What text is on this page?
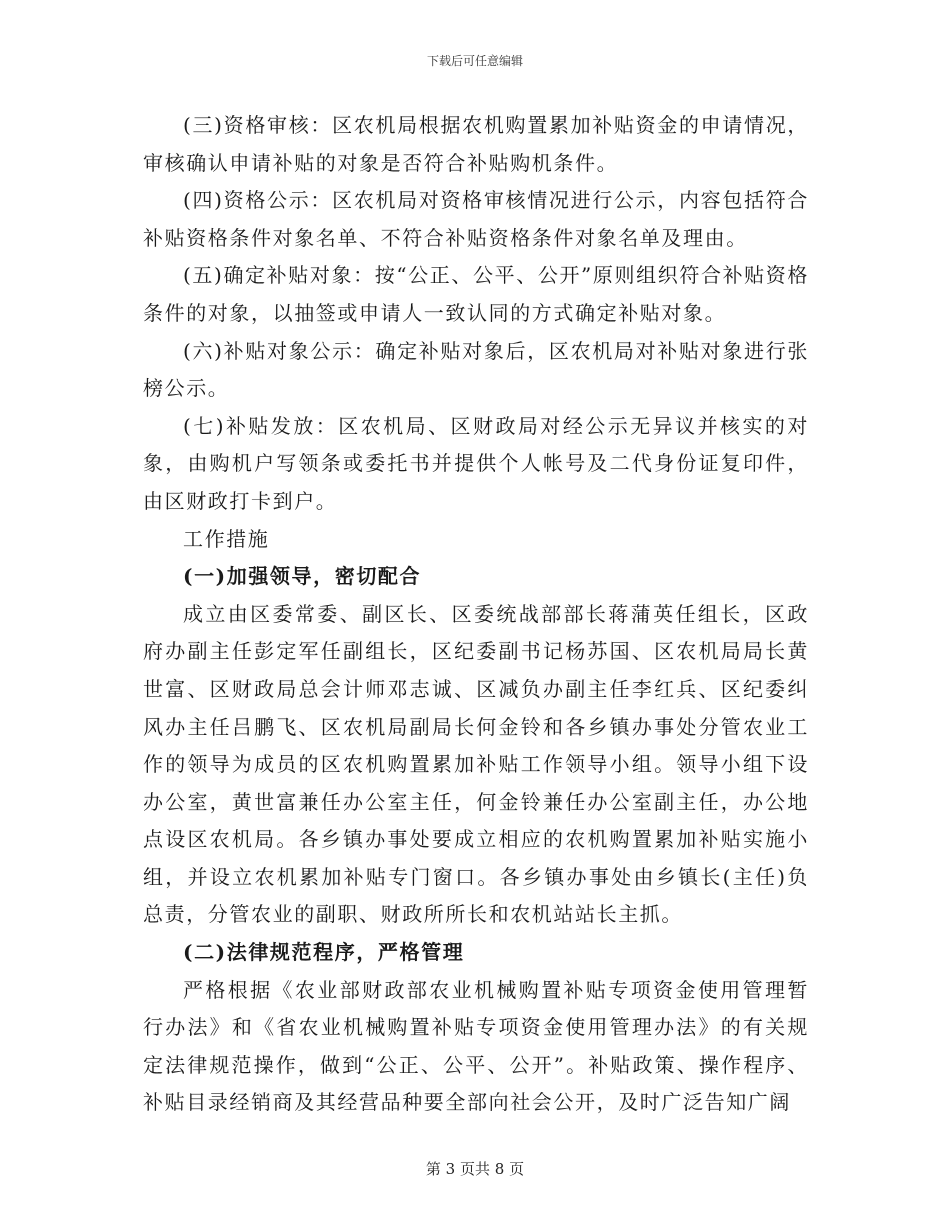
下载后可任意编辑

(三)资格审核：区农机局根据农机购置累加补贴资金的申请情况，审核确认申请补贴的对象是否符合补贴购机条件。

(四)资格公示：区农机局对资格审核情况进行公示，内容包括符合补贴资格条件对象名单、不符合补贴资格条件对象名单及理由。

(五)确定补贴对象：按“公正、公平、公开”原则组织符合补贴资格条件的对象，以抽签或申请人一致认同的方式确定补贴对象。

(六)补贴对象公示：确定补贴对象后，区农机局对补贴对象进行张榜公示。

(七)补贴发放：区农机局、区财政局对经公示无异议并核实的对象，由购机户写领条或委托书并提供个人帐号及二代身份证复印件，由区财政打卡到户。

工作措施

(一)加强领导，密切配合

成立由区委常委、副区长、区委统战部部长蒋蒲英任组长，区政府办副主任彭定军任副组长，区纪委副书记杨苏国、区农机局局长黄世富、区财政局总会计师邓志诚、区减负办副主任李红兵、区纪委纠风办主任吕鹏飞、区农机局副局长何金铃和各乡镇办事处分管农业工作的领导为成员的区农机购置累加补贴工作领导小组。领导小组下设办公室，黄世富兼任办公室主任，何金铃兼任办公室副主任，办公地点设区农机局。各乡镇办事处要成立相应的农机购置累加补贴实施小组，并设立农机累加补贴专门窗口。各乡镇办事处由乡镇长(主任)负总责，分管农业的副职、财政所所长和农机站站长主抓。

(二)法律规范程序，严格管理

严格根据《农业部财政部农业机械购置补贴专项资金使用管理暂行办法》和《省农业机械购置补贴专项资金使用管理办法》的有关规定法律规范操作，做到“公正、公平、公开”。补贴政策、操作程序、补贴目录经销商及其经营品种要全部向社会公开，及时广泛告知广阔

第 3 页共 8 页
